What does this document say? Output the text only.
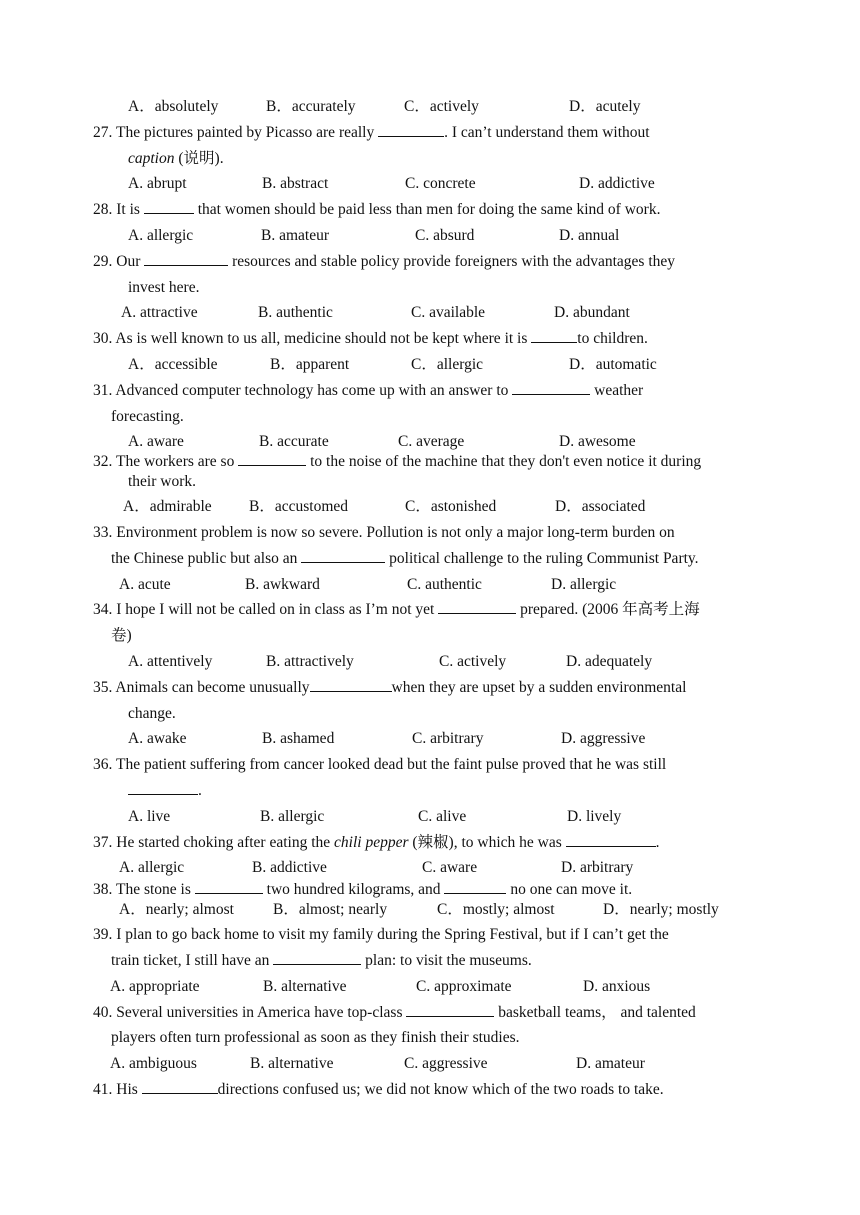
A．absolutely	B．accurately	C．actively	D．acutely
27. The pictures painted by Picasso are really	. I can’t understand them without
caption (说明).
A. abrupt	B. abstract	C. concrete	D. addictive
28. It is	that women should be paid less than men for doing the same kind of work.
A. allergic	B. amateur	C. absurd	D. annual
29. Our	resources and stable policy provide foreigners with the advantages they
invest here.
A. attractive	B. authentic	C. available	D. abundant
30. As is well known to us all, medicine should not be kept where it is	to children.
A．accessible	B．apparent	C．allergic	D．automatic
31. Advanced computer technology has come up with an answer to	weather
forecasting.
A. aware	B. accurate	C. average	D. awesome
32. The workers are so	to the noise of the machine that they don't even notice it during
their work.
A．admirable	B．accustomed	C．astonished	D．associated
33. Environment problem is now so severe. Pollution is not only a major long-term burden on
the Chinese public but also an	political challenge to the ruling Communist Party.
A. acute	B. awkward	C. authentic	D. allergic
34. I hope I will not be called on in class as I’m not yet	prepared. (2006 年高考上海
卷)
A. attentively	B. attractively	C. actively	D. adequately
35. Animals can become unusually	when they are upset by a sudden environmental
change.
A. awake	B. ashamed	C. arbitrary	D. aggressive
36. The patient suffering from cancer looked dead but the faint pulse proved that he was still
.
A. live	B. allergic	C. alive	D. lively
37. He started choking after eating the chili pepper (辣椒), to which he was	.
A. allergic	B. addictive	C. aware	D. arbitrary
38. The stone is	two hundred kilograms, and	no one can move it.
A．nearly; almost	B．almost; nearly	C．mostly; almost	D．nearly; mostly
39. I plan to go back home to visit my family during the Spring Festival, but if I can’t get the
train ticket, I still have an	plan: to visit the museums.
A. appropriate	B. alternative	C. approximate	D. anxious
40. Several universities in America have top-class	basketball teams， and talented
players often turn professional as soon as they finish their studies.
A. ambiguous	B. alternative	C. aggressive	D. amateur
41. His	directions confused us; we did not know which of the two roads to take.
